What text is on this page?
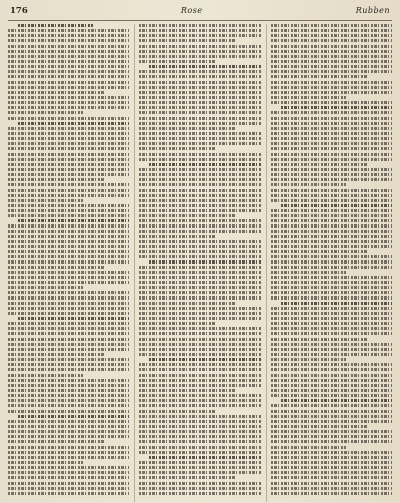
176	Rose	Rubben
